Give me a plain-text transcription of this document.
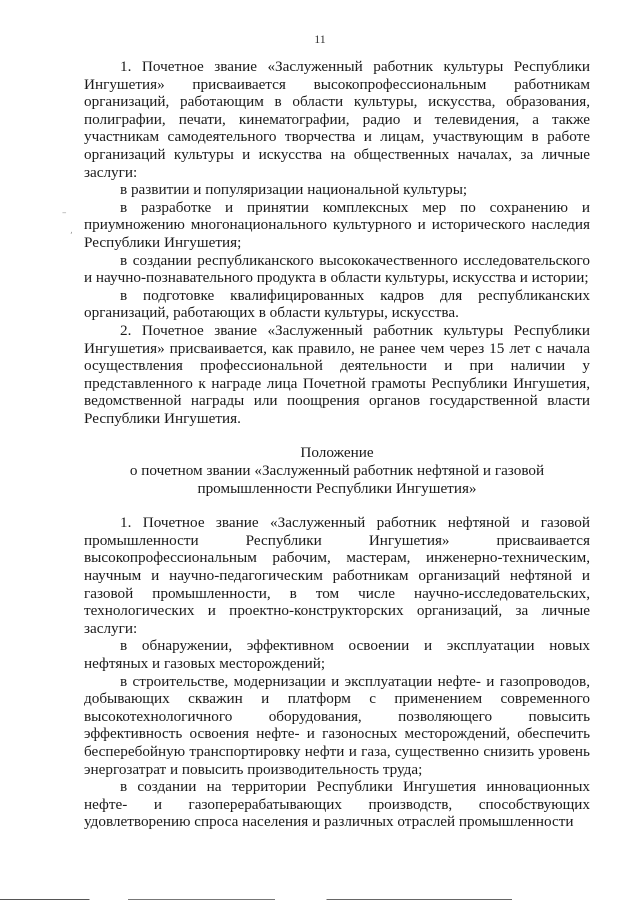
11
–
,

1. Почетное звание «Заслуженный работник культуры Республики Ингушетия» присваивается высокопрофессиональным работникам организаций, работающим в области культуры, искусства, образования, полиграфии, печати, кинематографии, радио и телевидения, а также участникам самодеятельного творчества и лицам, участвующим в работе организаций культуры и искусства на общественных началах, за личные заслуги:

в развитии и популяризации национальной культуры;

в разработке и принятии комплексных мер по сохранению и приумножению многонационального культурного и исторического наследия Республики Ингушетия;

в создании республиканского высококачественного исследовательского и научно-познавательного продукта в области культуры, искусства и истории;

в подготовке квалифицированных кадров для республиканских организаций, работающих в области культуры, искусства.

2. Почетное звание «Заслуженный работник культуры Республики Ингушетия» присваивается, как правило, не ранее чем через 15 лет с начала осуществления профессиональной деятельности и при наличии у представленного к награде лица Почетной грамоты Республики Ингушетия, ведомственной награды или поощрения органов государственной власти Республики Ингушетия.

Положение

о почетном звании «Заслуженный работник нефтяной и газовой

промышленности Республики Ингушетия»

1. Почетное звание «Заслуженный работник нефтяной и газовой промышленности Республики Ингушетия» присваивается высокопрофессиональным рабочим, мастерам, инженерно-техническим, научным и научно-педагогическим работникам организаций нефтяной и газовой промышленности, в том числе научно-исследовательских, технологических и проектно-конструкторских организаций, за личные заслуги:

в обнаружении, эффективном освоении и эксплуатации новых нефтяных и газовых месторождений;

в строительстве, модернизации и эксплуатации нефте- и газопроводов, добывающих скважин и платформ с применением современного высокотехнологичного оборудования, позволяющего повысить эффективность освоения нефте- и газоносных месторождений, обеспечить бесперебойную транспортировку нефти и газа, существенно снизить уровень энергозатрат и повысить производительность труда;

в создании на территории Республики Ингушетия инновационных нефте- и газоперерабатывающих производств, способствующих удовлетворению спроса населения и различных отраслей промышленности
